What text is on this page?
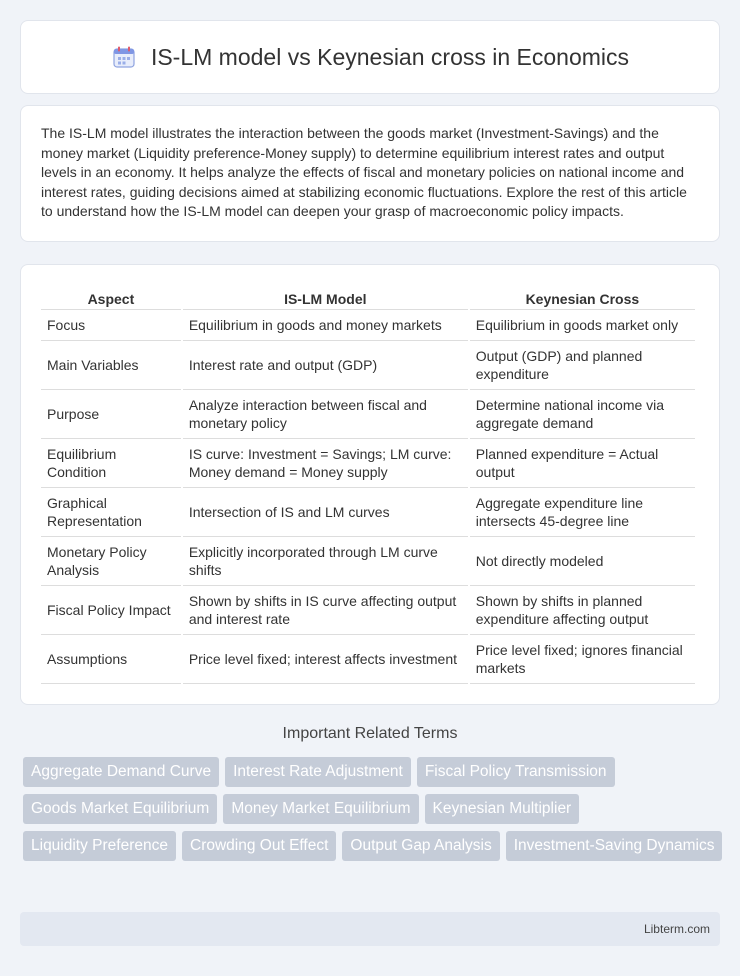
IS-LM model vs Keynesian cross in Economics

The IS-LM model illustrates the interaction between the goods market (Investment-Savings) and the money market (Liquidity preference-Money supply) to determine equilibrium interest rates and output levels in an economy. It helps analyze the effects of fiscal and monetary policies on national income and interest rates, guiding decisions aimed at stabilizing economic fluctuations. Explore the rest of this article to understand how the IS-LM model can deepen your grasp of macroeconomic policy impacts.

Aspect	IS-LM Model	Keynesian Cross
Focus	Equilibrium in goods and money markets	Equilibrium in goods market only
Main Variables	Interest rate and output (GDP)	Output (GDP) and planned expenditure
Purpose	Analyze interaction between fiscal and monetary policy	Determine national income via aggregate demand
Equilibrium Condition	IS curve: Investment = Savings; LM curve: Money demand = Money supply	Planned expenditure = Actual output
Graphical Representation	Intersection of IS and LM curves	Aggregate expenditure line intersects 45-degree line
Monetary Policy Analysis	Explicitly incorporated through LM curve shifts	Not directly modeled
Fiscal Policy Impact	Shown by shifts in IS curve affecting output and interest rate	Shown by shifts in planned expenditure affecting output
Assumptions	Price level fixed; interest affects investment	Price level fixed; ignores financial markets
Important Related Terms
Aggregate Demand Curve	Interest Rate Adjustment	Fiscal Policy Transmission
Goods Market Equilibrium	Money Market Equilibrium	Keynesian Multiplier
Liquidity Preference	Crowding Out Effect	Output Gap Analysis	Investment-Saving Dynamics
Libterm.com
